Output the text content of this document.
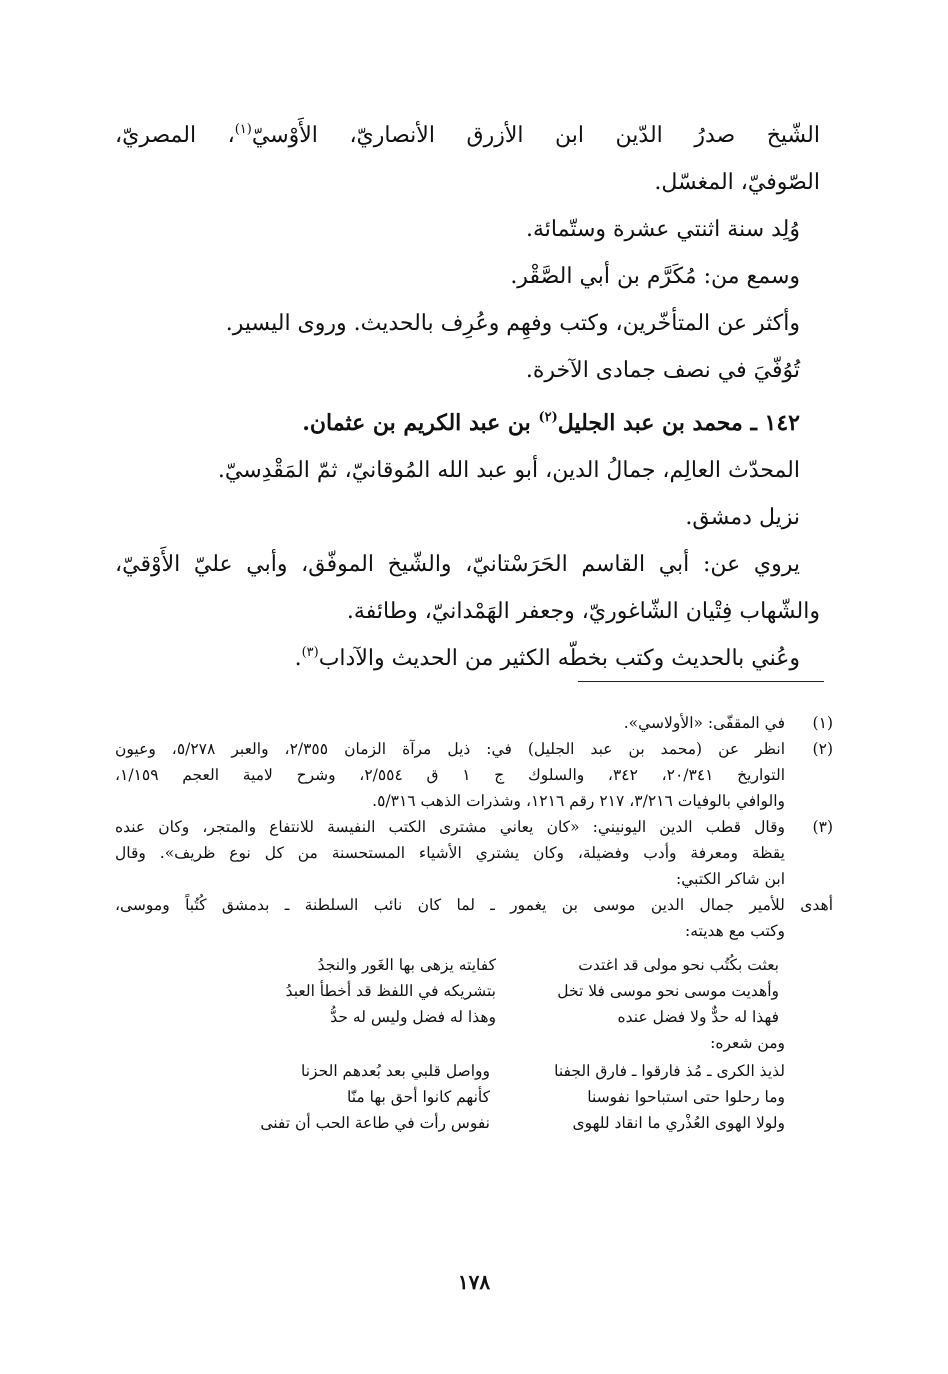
الشّيخ صدرُ الدّين ابن الأزرق الأنصاريّ، الأَوْسيّ$^{(١)}$، المصريّ،

الصّوفيّ، المغسّل.

وُلِد سنة اثنتي عشرة وستّمائة.

وسمع من: مُكَرَّم بن أبي الصَّقْر.

وأكثر عن المتأخّرين، وكتب وفهِم وعُرِف بالحديث. وروى اليسير.

تُوُفّيَ في نصف جمادى الآخرة.

١٤٢ ـ محمد بن عبد الجليل$^{(٢)}$ بن عبد الكريم بن عثمان.

المحدّث العالِم، جمالُ الدين، أبو عبد الله المُوقانيّ، ثمّ المَقْدِسيّ.

نزيل دمشق.

يروي عن: أبي القاسم الحَرَسْتانيّ، والشّيخ الموفّق، وأبي عليّ الأَوْقيّ،

والشّهاب فِتْيان الشّاغوريّ، وجعفر الهَمْدانيّ، وطائفة.

وعُني بالحديث وكتب بخطّه الكثير من الحديث والآداب$^{(٣)}$.

(١)
في المقفّى: «الأولاسي».
(٢)
انظر عن (محمد بن عبد الجليل) في: ذيل مرآة الزمان ٢/٣٥٥، والعبر ٥/٢٧٨، وعيون
التواريخ ٢٠/٣٤١، ٣٤٢، والسلوك ج ١ ق ٢/٥٥٤، وشرح لامية العجم ١/١٥٩،
والوافي بالوفيات ٣/٢١٦، ٢١٧ رقم ١٢١٦، وشذرات الذهب ٥/٣١٦.
(٣)
وقال قطب الدين اليونيني: «كان يعاني مشترى الكتب النفيسة للانتفاع والمتجر، وكان عنده
يقظة ومعرفة وأدب وفضيلة، وكان يشتري الأشياء المستحسنة من كل نوع ظريف». وقال
ابن شاكر الكتبي:
أهدى للأمير جمال الدين موسى بن يغمور ـ لما كان نائب السلطنة ـ بدمشق كُتُباً وموسى،
وكتب مع هديته:
بعثت بكُتُب نحو مولى قد اغتدت
كفايته يزهى بها الغَور والنجدُ
وأهديت موسى نحو موسى فلا تخل
بتشريكه في اللفظ قد أخطأ العبدُ
فهذا له حدٌّ ولا فضل عنده
وهذا له فضل وليس له حدُّ
ومن شعره:
لذيذ الكرى ـ مُذ فارقوا ـ فارق الجفنا
وواصل قلبي بعد بُعدهم الحزنا
وما رحلوا حتى استباحوا نفوسنا
كأنهم كانوا أحق بها منّا
ولولا الهوى العُذْري ما انقاد للهوى
نفوس رأت في طاعة الحب أن تفنى
١٧٨
